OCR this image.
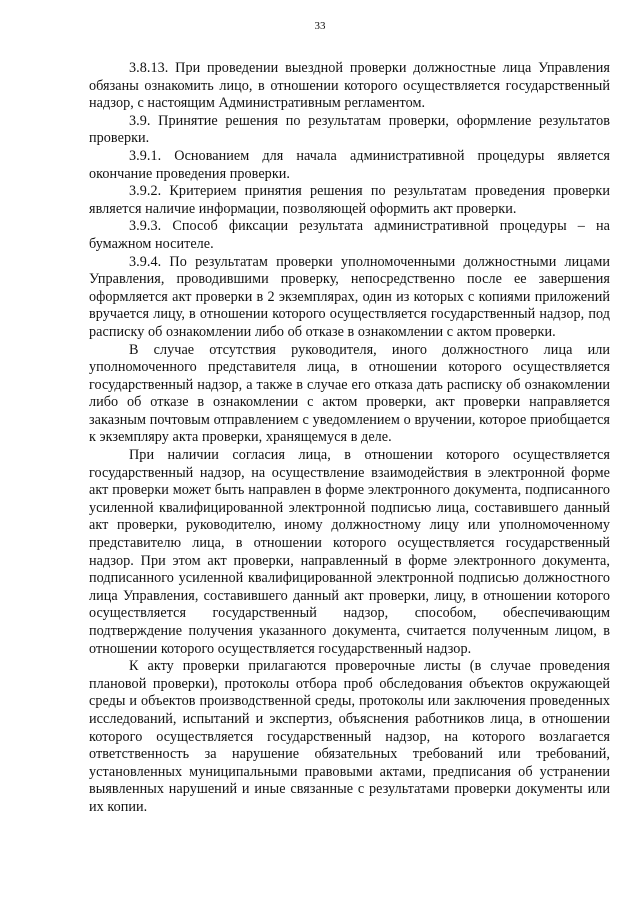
33

3.8.13. При проведении выездной проверки должностные лица Управления обязаны ознакомить лицо, в отношении которого осуществляется государственный надзор, с настоящим Административным регламентом.

3.9. Принятие решения по результатам проверки, оформление результатов проверки.

3.9.1. Основанием для начала административной процедуры является окончание проведения проверки.

3.9.2. Критерием принятия решения по результатам проведения проверки является наличие информации, позволяющей оформить акт проверки.

3.9.3. Способ фиксации результата административной процедуры – на бумажном носителе.

3.9.4. По результатам проверки уполномоченными должностными лицами Управления, проводившими проверку, непосредственно после ее завершения оформляется акт проверки в 2 экземплярах, один из которых с копиями приложений вручается лицу, в отношении которого осуществляется государственный надзор, под расписку об ознакомлении либо об отказе в ознакомлении с актом проверки.

В случае отсутствия руководителя, иного должностного лица или уполномоченного представителя лица, в отношении которого осуществляется государственный надзор, а также в случае его отказа дать расписку об ознакомлении либо об отказе в ознакомлении с актом проверки, акт проверки направляется заказным почтовым отправлением с уведомлением о вручении, которое приобщается к экземпляру акта проверки, хранящемуся в деле.

При наличии согласия лица, в отношении которого осуществляется государственный надзор, на осуществление взаимодействия в электронной форме акт проверки может быть направлен в форме электронного документа, подписанного усиленной квалифицированной электронной подписью лица, составившего данный акт проверки, руководителю, иному должностному лицу или уполномоченному представителю лица, в отношении которого осуществляется государственный надзор. При этом акт проверки, направленный в форме электронного документа, подписанного усиленной квалифицированной электронной подписью должностного лица Управления, составившего данный акт проверки, лицу, в отношении которого осуществляется государственный надзор, способом, обеспечивающим подтверждение получения указанного документа, считается полученным лицом, в отношении которого осуществляется государственный надзор.

К акту проверки прилагаются проверочные листы (в случае проведения плановой проверки), протоколы отбора проб обследования объектов окружающей среды и объектов производственной среды, протоколы или заключения проведенных исследований, испытаний и экспертиз, объяснения работников лица, в отношении которого осуществляется государственный надзор, на которого возлагается ответственность за нарушение обязательных требований или требований, установленных муниципальными правовыми актами, предписания об устранении выявленных нарушений и иные связанные с результатами проверки документы или их копии.
